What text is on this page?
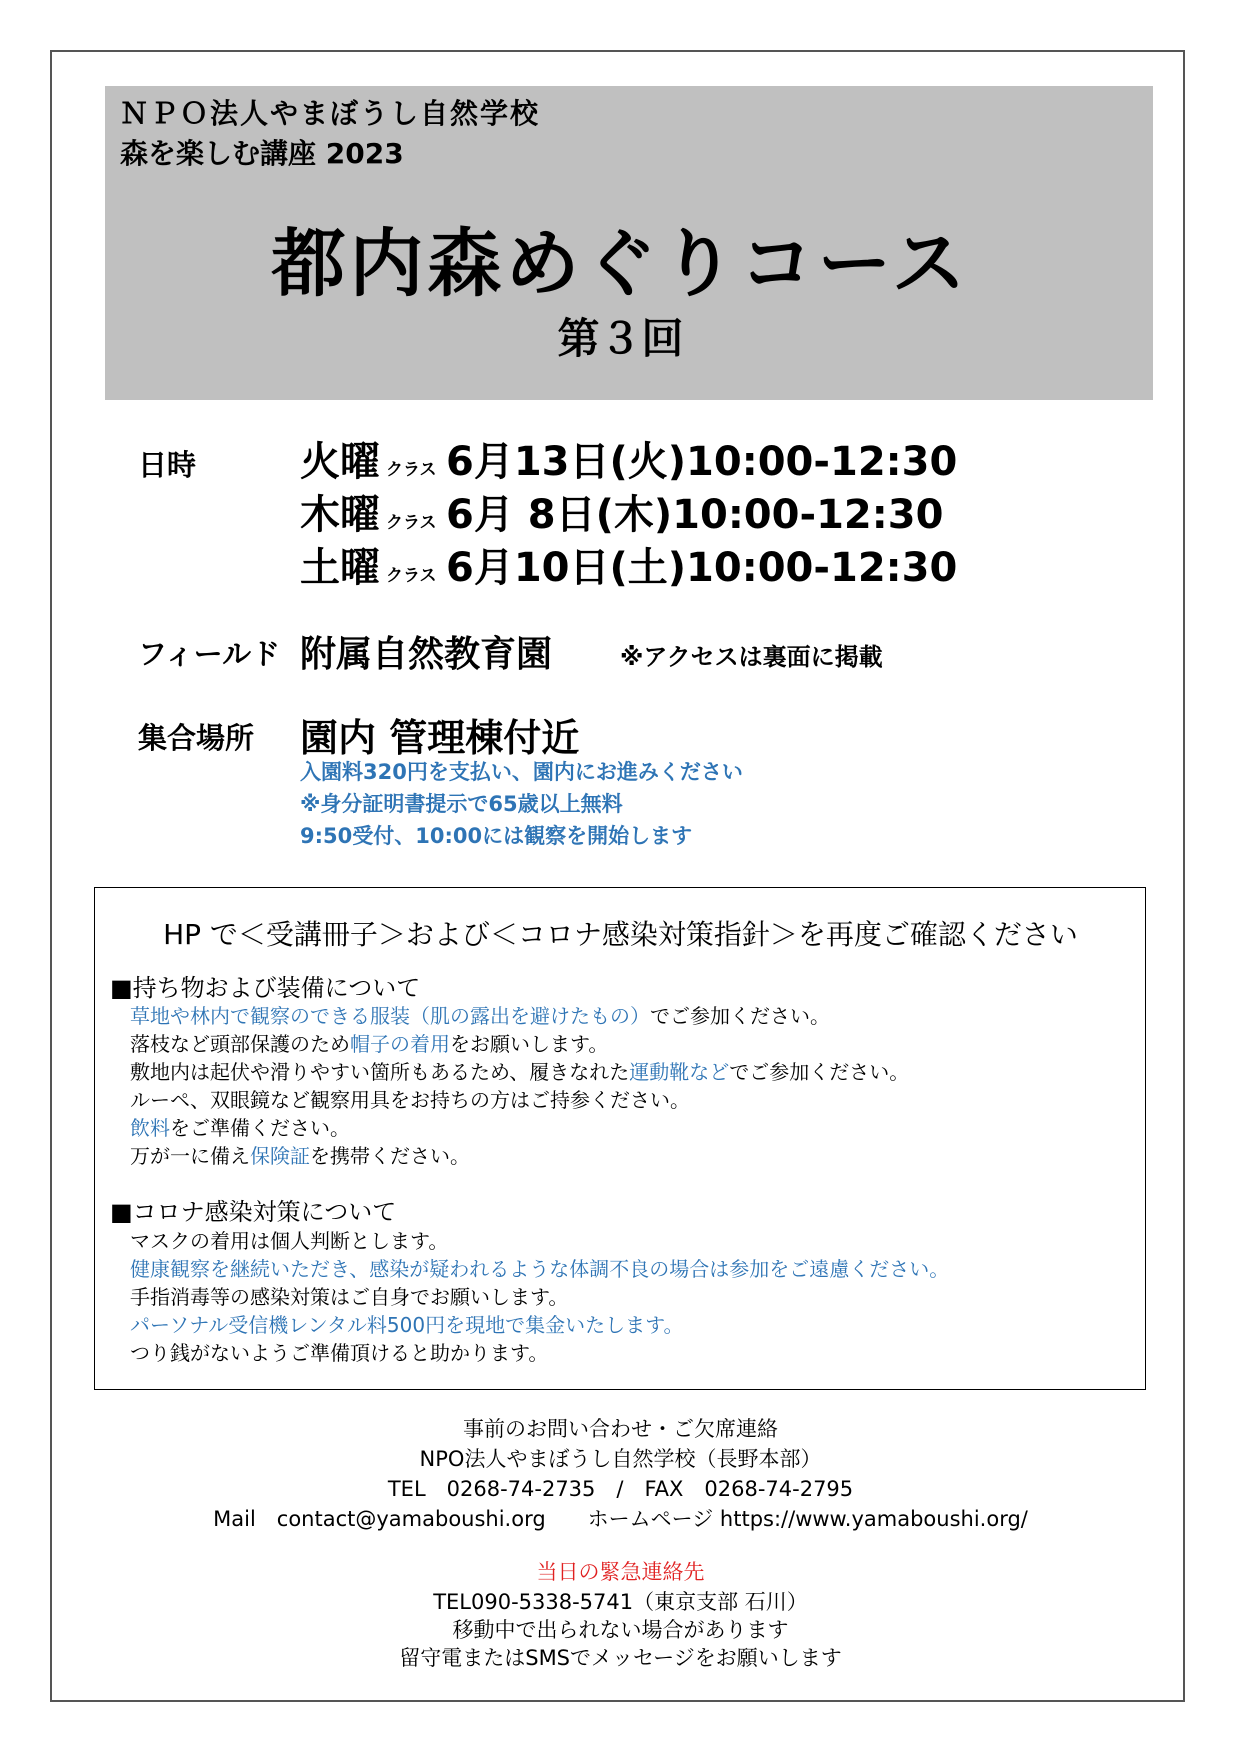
ＮＰＯ法人やまぼうし自然学校
森を楽しむ講座 2023
都内森めぐりコース
第３回
日時	火曜 クラス 6月13日(火)10:00‐12:30
木曜 クラス 6月 8日(木)10:00‐12:30
土曜 クラス 6月10日(土)10:00‐12:30
フィールド 附属自然教育園	※アクセスは裏面に掲載
集合場所 園内 管理棟付近
入園料320円を支払い、園内にお進みください
※身分証明書提示で65歳以上無料
9:50受付、10:00には観察を開始します
HP で＜受講冊子＞および＜コロナ感染対策指針＞を再度ご確認ください
■持ち物および装備について
草地や林内で観察のできる服装（肌の露出を避けたもの）でご参加ください。
落枝など頭部保護のため帽子の着用をお願いします。
敷地内は起伏や滑りやすい箇所もあるため、履きなれた運動靴などでご参加ください。
ルーペ、双眼鏡など観察用具をお持ちの方はご持参ください。
飲料をご準備ください。
万が一に備え保険証を携帯ください。
■コロナ感染対策について
マスクの着用は個人判断とします。
健康観察を継続いただき、感染が疑われるような体調不良の場合は参加をご遠慮ください。
手指消毒等の感染対策はご自身でお願いします。
パーソナル受信機レンタル料500円を現地で集金いたします。
つり銭がないようご準備頂けると助かります。
事前のお問い合わせ・ご欠席連絡
NPO法人やまぼうし自然学校（長野本部）
TEL　0268-74-2735　/　FAX　0268-74-2795
Mail　contact@yamaboushi.org　　ホームページ https://www.yamaboushi.org/
当日の緊急連絡先
TEL090-5338-5741（東京支部 石川）
移動中で出られない場合があります
留守電またはSMSでメッセージをお願いします
